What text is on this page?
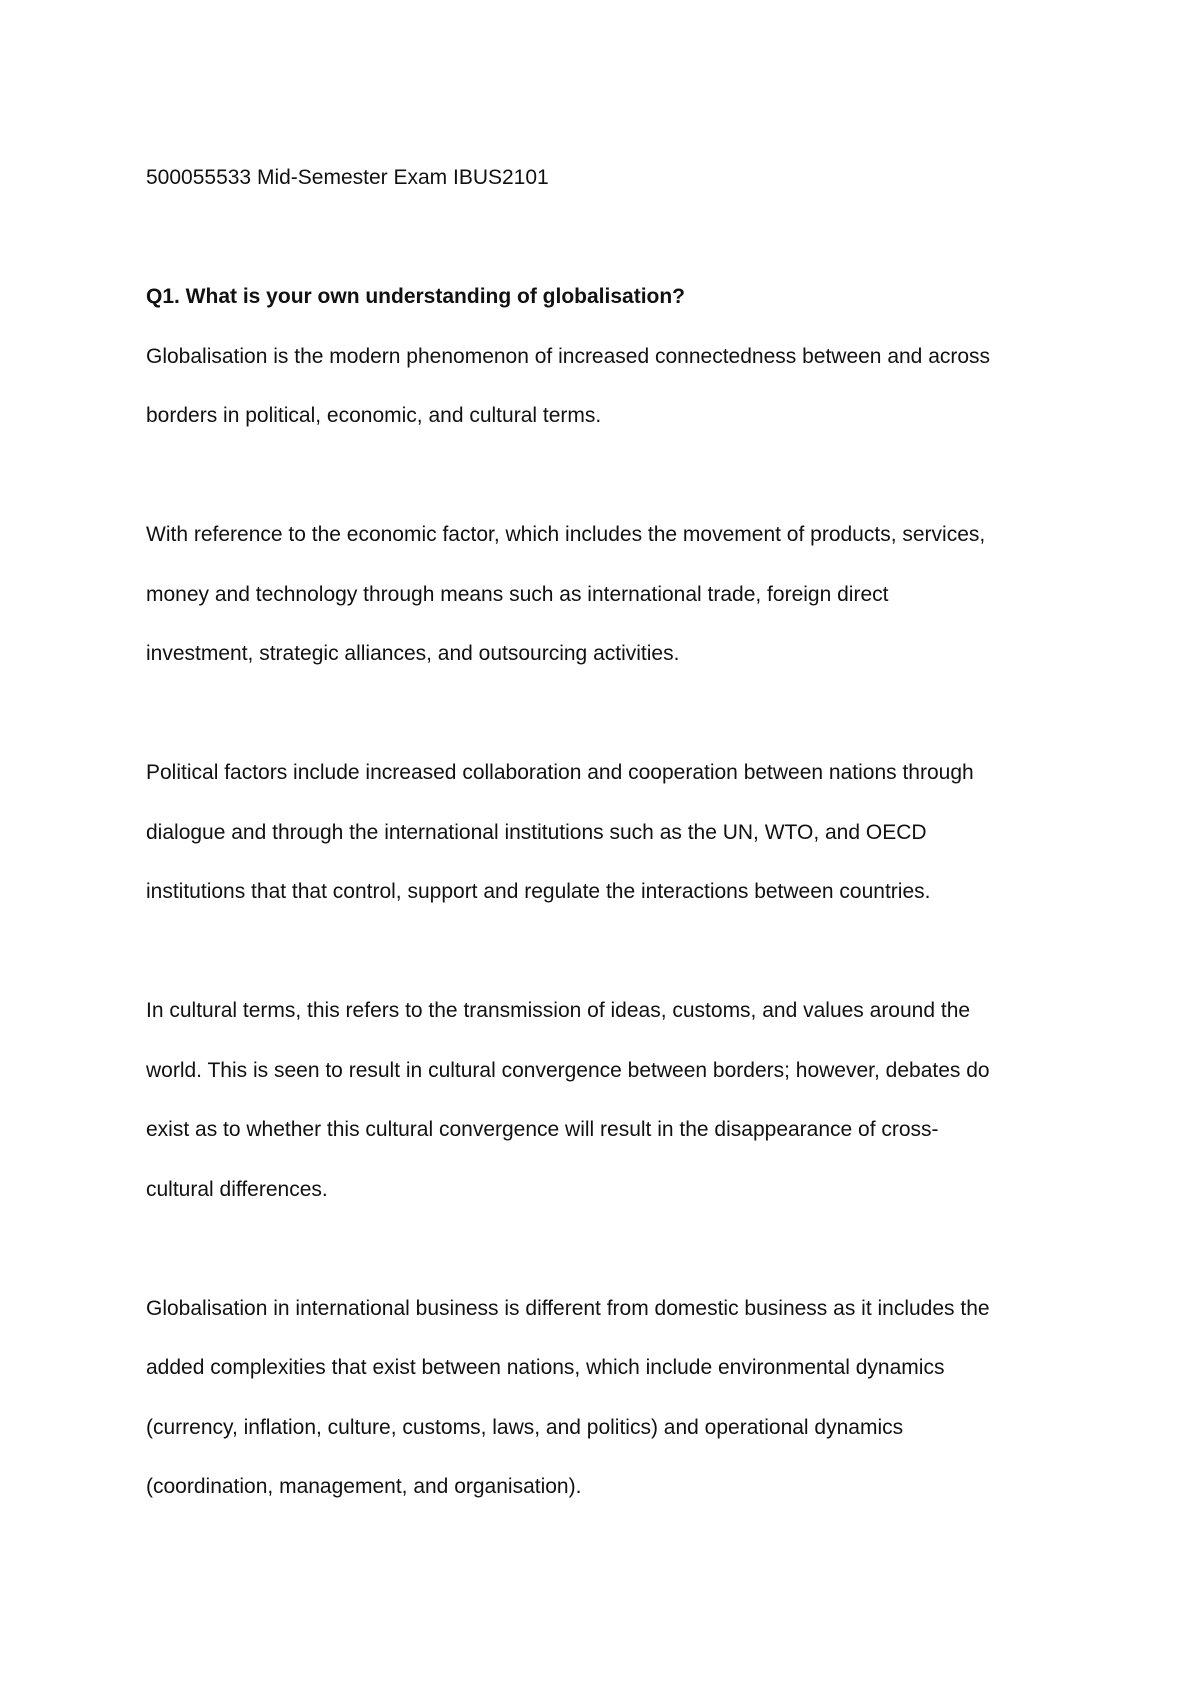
500055533 Mid-Semester Exam IBUS2101

Q1. What is your own understanding of globalisation?

Globalisation is the modern phenomenon of increased connectedness between and across
borders in political, economic, and cultural terms.

With reference to the economic factor, which includes the movement of products, services,
money and technology through means such as international trade, foreign direct
investment, strategic alliances, and outsourcing activities.

Political factors include increased collaboration and cooperation between nations through
dialogue and through the international institutions such as the UN, WTO, and OECD
institutions that that control, support and regulate the interactions between countries.

In cultural terms, this refers to the transmission of ideas, customs, and values around the
world. This is seen to result in cultural convergence between borders; however, debates do
exist as to whether this cultural convergence will result in the disappearance of cross-
cultural differences.

Globalisation in international business is different from domestic business as it includes the
added complexities that exist between nations, which include environmental dynamics
(currency, inflation, culture, customs, laws, and politics) and operational dynamics
(coordination, management, and organisation).
